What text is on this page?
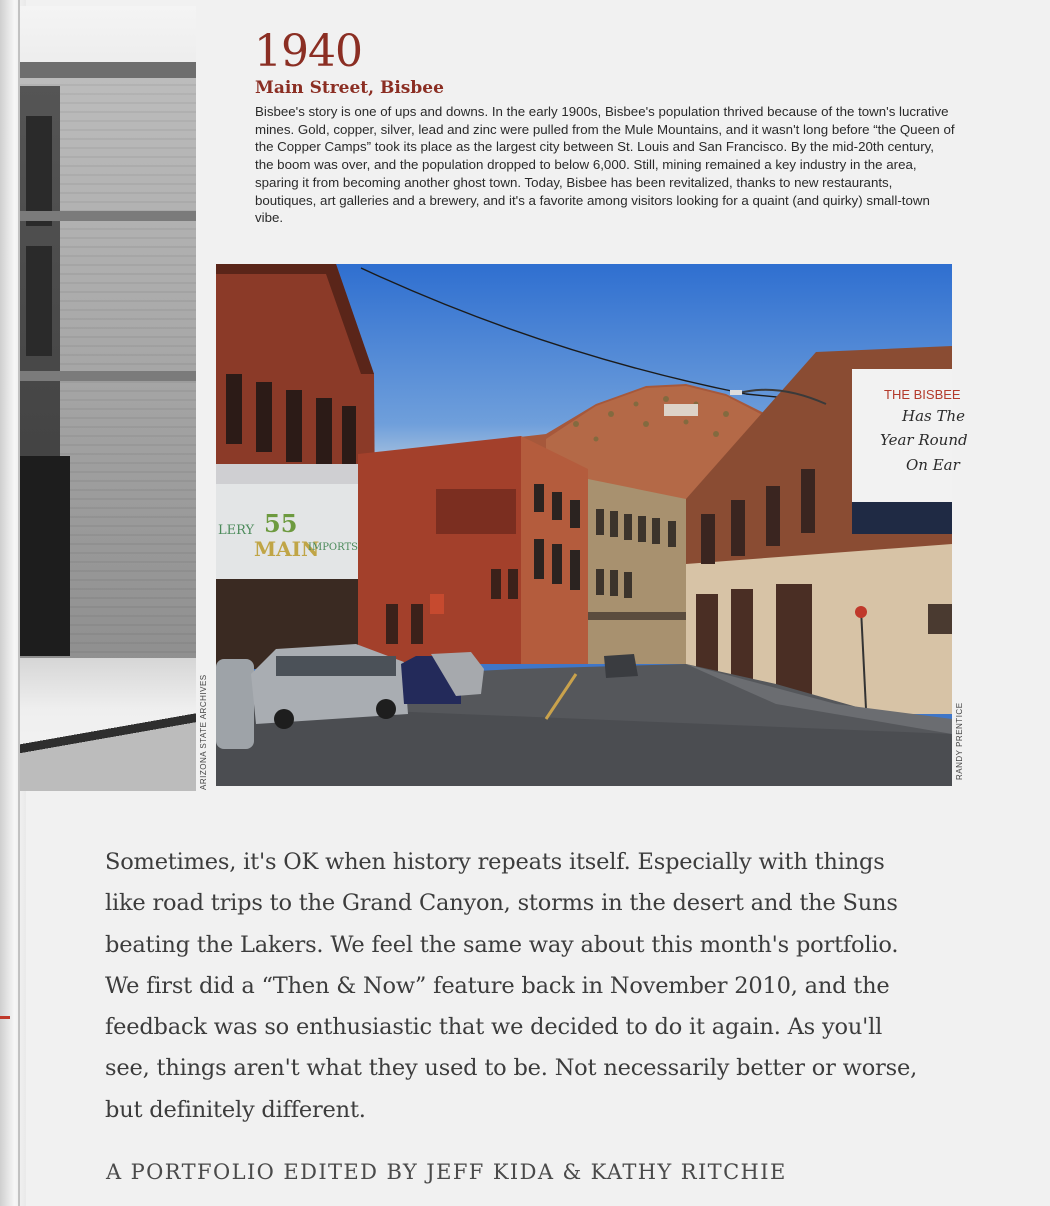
1940
Main Street, Bisbee
Bisbee's story is one of ups and downs. In the early 1900s, Bisbee's population thrived because of the town's lucrative mines. Gold, copper, silver, lead and zinc were pulled from the Mule Mountains, and it wasn't long before “the Queen of the Copper Camps” took its place as the largest city between St. Louis and San Francisco. By the mid-20th century, the boom was over, and the population dropped to below 6,000. Still, mining remained a key industry in the area, sparing it from becoming another ghost town. Today, Bisbee has been revitalized, thanks to new restaurants, boutiques, art galleries and a brewery, and it's a favorite among visitors looking for a quaint (and quirky) small-town vibe.
LERY 55
MAIN
IMPORTS
THE BISBEE
Has The
Year Round
On Ear
ARIZONA STATE ARCHIVES	RANDY PRENTICE
Sometimes, it's OK when history repeats itself. Especially with things like road trips to the Grand Canyon, storms in the desert and the Suns beating the Lakers. We feel the same way about this month's portfolio. We first did a “Then & Now” feature back in November 2010, and the feedback was so enthusiastic that we decided to do it again. As you'll see, things aren't what they used to be. Not necessarily better or worse, but definitely different.
A PORTFOLIO EDITED BY JEFF KIDA & KATHY RITCHIE
